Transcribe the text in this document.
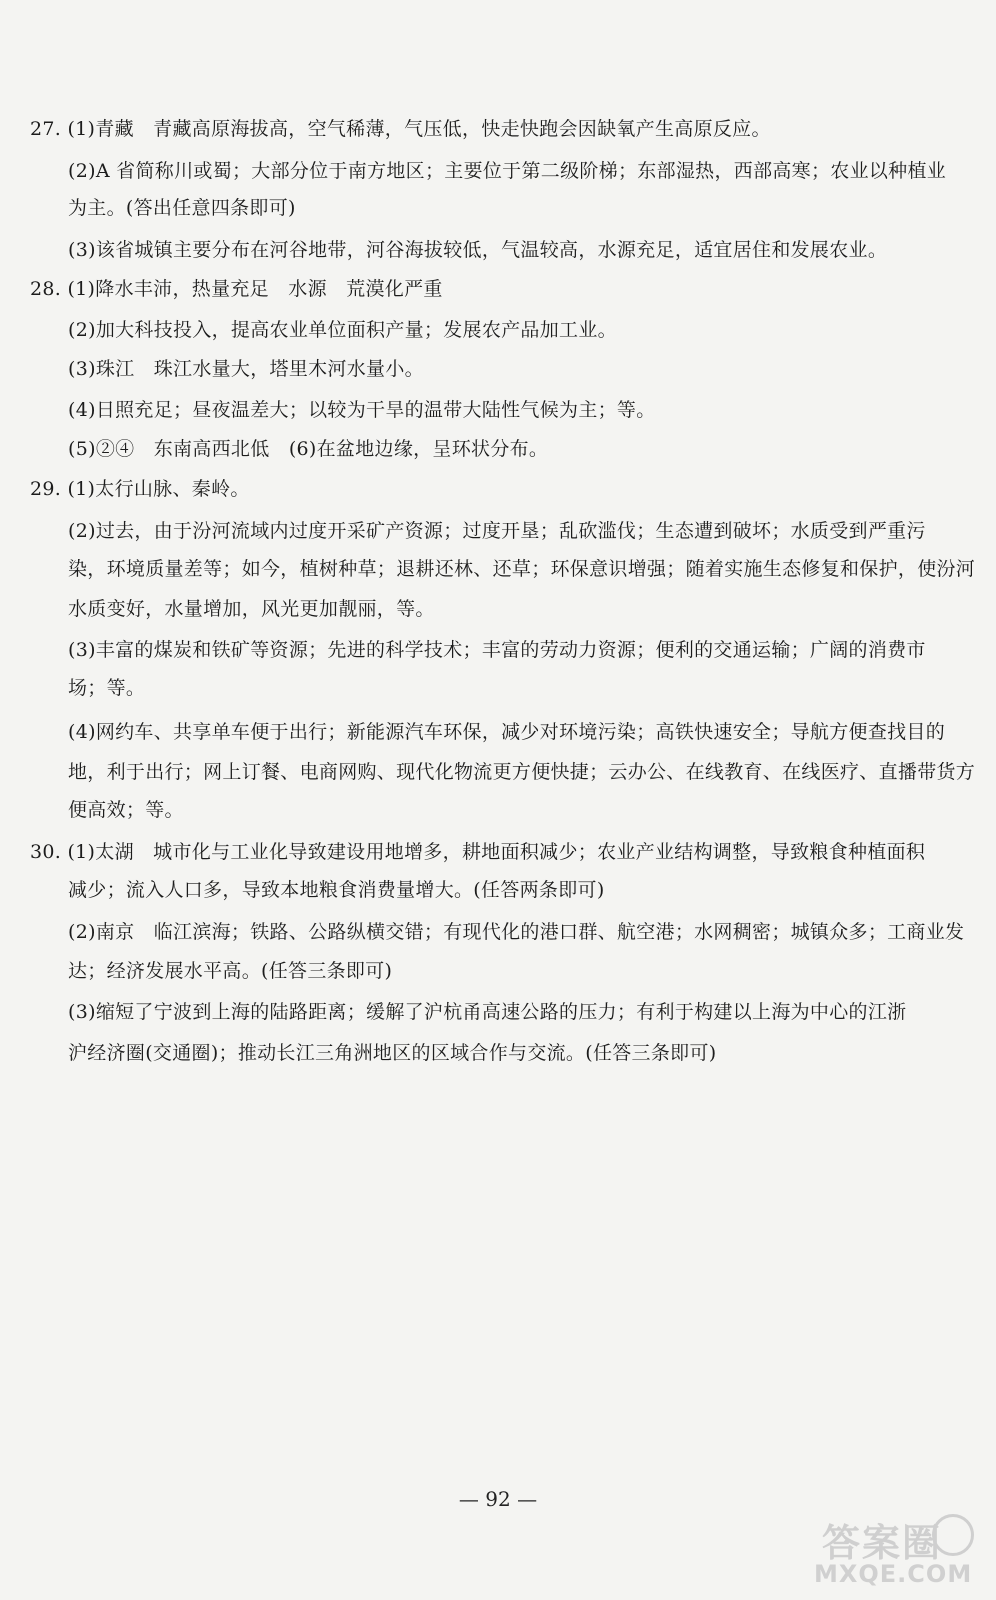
27. (1)青藏　青藏高原海拔高，空气稀薄，气压低，快走快跑会因缺氧产生高原反应。
(2)A 省简称川或蜀；大部分位于南方地区；主要位于第二级阶梯；东部湿热，西部高寒；农业以种植业
为主。(答出任意四条即可)
(3)该省城镇主要分布在河谷地带，河谷海拔较低，气温较高，水源充足，适宜居住和发展农业。
28. (1)降水丰沛，热量充足　水源　荒漠化严重
(2)加大科技投入，提高农业单位面积产量；发展农产品加工业。
(3)珠江　珠江水量大，塔里木河水量小。
(4)日照充足；昼夜温差大；以较为干旱的温带大陆性气候为主；等。
(5)②④　东南高西北低　(6)在盆地边缘，呈环状分布。
29. (1)太行山脉、秦岭。
(2)过去，由于汾河流域内过度开采矿产资源；过度开垦；乱砍滥伐；生态遭到破坏；水质受到严重污
染，环境质量差等；如今，植树种草；退耕还林、还草；环保意识增强；随着实施生态修复和保护，使汾河
水质变好，水量增加，风光更加靓丽，等。
(3)丰富的煤炭和铁矿等资源；先进的科学技术；丰富的劳动力资源；便利的交通运输；广阔的消费市
场；等。
(4)网约车、共享单车便于出行；新能源汽车环保，减少对环境污染；高铁快速安全；导航方便查找目的
地，利于出行；网上订餐、电商网购、现代化物流更方便快捷；云办公、在线教育、在线医疗、直播带货方
便高效；等。
30. (1)太湖　城市化与工业化导致建设用地增多，耕地面积减少；农业产业结构调整，导致粮食种植面积
减少；流入人口多，导致本地粮食消费量增大。(任答两条即可)
(2)南京　临江滨海；铁路、公路纵横交错；有现代化的港口群、航空港；水网稠密；城镇众多；工商业发
达；经济发展水平高。(任答三条即可)
(3)缩短了宁波到上海的陆路距离；缓解了沪杭甬高速公路的压力；有利于构建以上海为中心的江浙
沪经济圈(交通圈)；推动长江三角洲地区的区域合作与交流。(任答三条即可)
— 92 —
答案圈
MXQE.COM
